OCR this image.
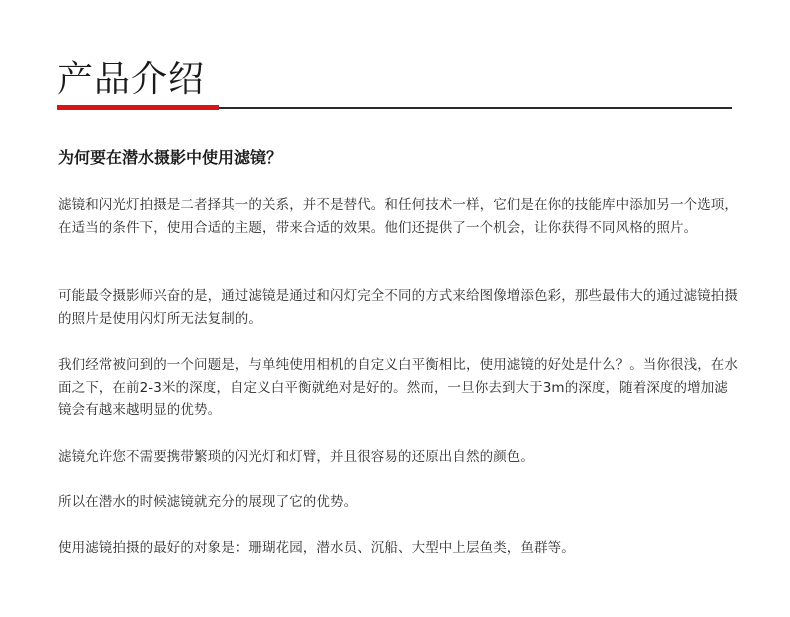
产品介绍
为何要在潜水摄影中使用滤镜？

滤镜和闪光灯拍摄是二者择其一的关系，并不是替代。和任何技术一样，它们是在你的技能库中添加另一个选项，在适当的条件下，使用合适的主题，带来合适的效果。他们还提供了一个机会，让你获得不同风格的照片。

可能最令摄影师兴奋的是，通过滤镜是通过和闪灯完全不同的方式来给图像增添色彩，那些最伟大的通过滤镜拍摄的照片是使用闪灯所无法复制的。

我们经常被问到的一个问题是，与单纯使用相机的自定义白平衡相比，使用滤镜的好处是什么？。当你很浅，在水面之下，在前2-3米的深度，自定义白平衡就绝对是好的。然而，一旦你去到大于3m的深度，随着深度的增加滤镜会有越来越明显的优势。

滤镜允许您不需要携带繁琐的闪光灯和灯臂，并且很容易的还原出自然的颜色。

所以在潜水的时候滤镜就充分的展现了它的优势。

使用滤镜拍摄的最好的对象是：珊瑚花园，潜水员、沉船、大型中上层鱼类，鱼群等。
